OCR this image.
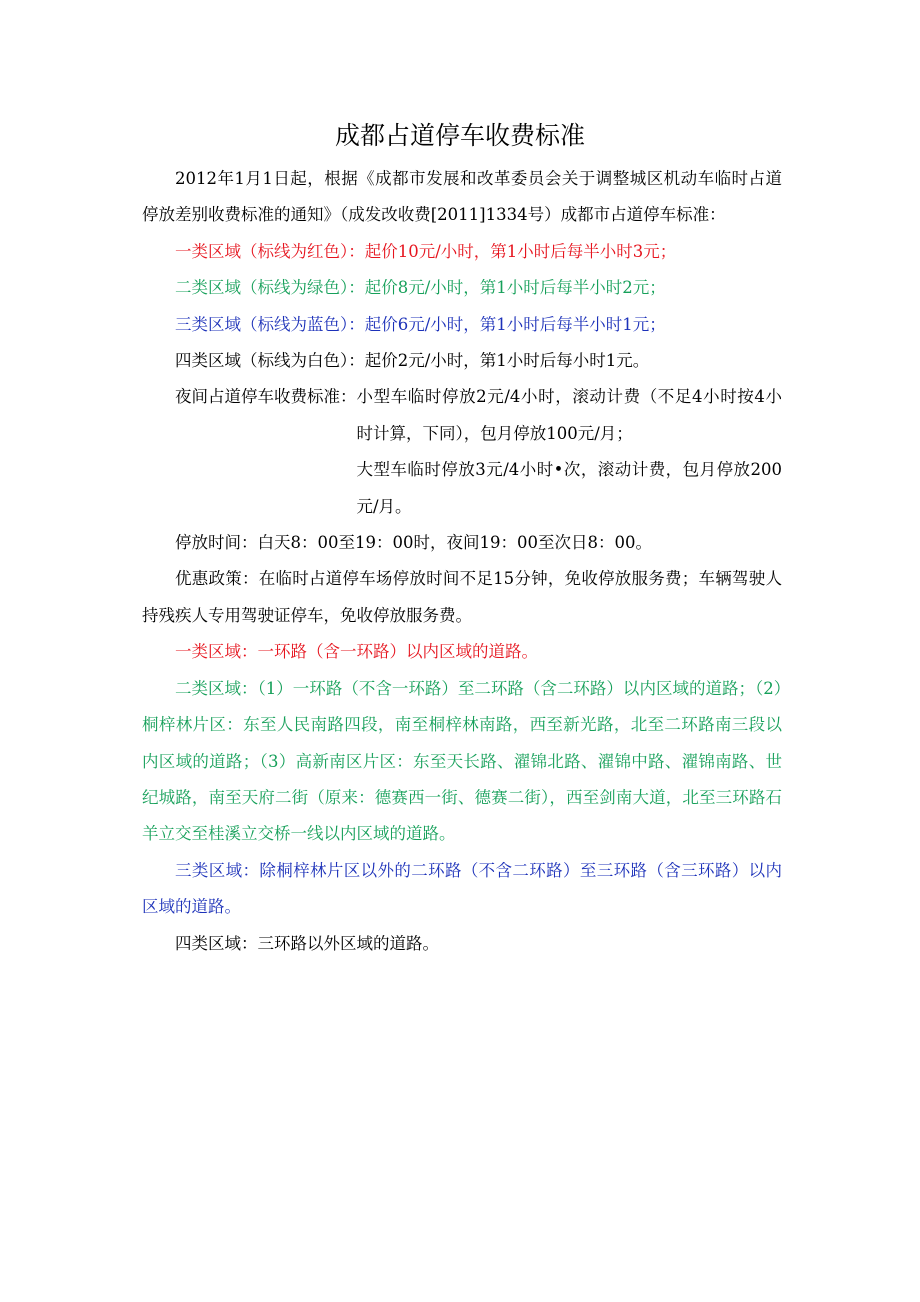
成都占道停车收费标准

2012年1月1日起，根据《成都市发展和改革委员会关于调整城区机动车临时占道停放差别收费标准的通知》（成发改收费[2011]1334号）成都市占道停车标准：

一类区域（标线为红色）：起价10元/小时，第1小时后每半小时3元；

二类区域（标线为绿色）：起价8元/小时，第1小时后每半小时2元；

三类区域（标线为蓝色）：起价6元/小时，第1小时后每半小时1元；

四类区域（标线为白色）：起价2元/小时，第1小时后每小时1元。

夜间占道停车收费标准： 小型车临时停放2元/4小时，滚动计费（不足4小时按4小时计算，下同），包月停放100元/月；
大型车临时停放3元/4小时•次，滚动计费，包月停放200元/月。

停放时间：白天8：00至19：00时，夜间19：00至次日8：00。

优惠政策：在临时占道停车场停放时间不足15分钟，免收停放服务费；车辆驾驶人持残疾人专用驾驶证停车，免收停放服务费。

一类区域：一环路（含一环路）以内区域的道路。

二类区域：（1）一环路（不含一环路）至二环路（含二环路）以内区域的道路；（2）桐梓林片区：东至人民南路四段，南至桐梓林南路，西至新光路，北至二环路南三段以内区域的道路；（3）高新南区片区：东至天长路、濯锦北路、濯锦中路、濯锦南路、世纪城路，南至天府二街（原来：德赛西一街、德赛二街），西至剑南大道，北至三环路石羊立交至桂溪立交桥一线以内区域的道路。

三类区域：除桐梓林片区以外的二环路（不含二环路）至三环路（含三环路）以内区域的道路。

四类区域：三环路以外区域的道路。
